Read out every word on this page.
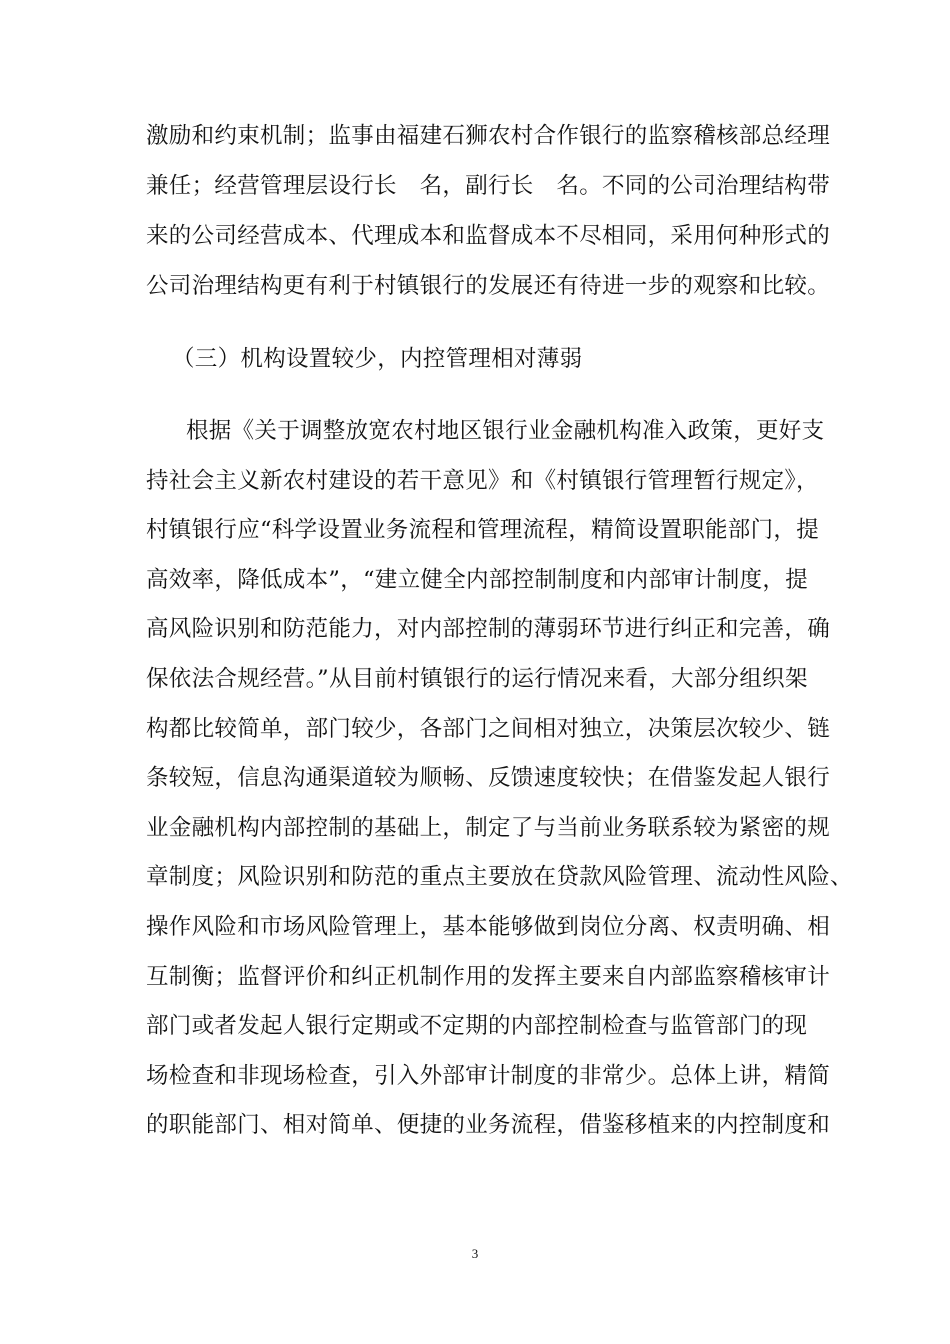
激励和约束机制；监事由福建石狮农村合作银行的监察稽核部总经理
兼任；经营管理层设行长　名，副行长　名。不同的公司治理结构带
来的公司经营成本、代理成本和监督成本不尽相同，采用何种形式的
公司治理结构更有利于村镇银行的发展还有待进一步的观察和比较。
（三）机构设置较少，内控管理相对薄弱
根据《关于调整放宽农村地区银行业金融机构准入政策，更好支
持社会主义新农村建设的若干意见》和《村镇银行管理暂行规定》，
村镇银行应“科学设置业务流程和管理流程，精简设置职能部门，提
高效率，降低成本”，“建立健全内部控制制度和内部审计制度，提
高风险识别和防范能力，对内部控制的薄弱环节进行纠正和完善，确
保依法合规经营。”从目前村镇银行的运行情况来看，大部分组织架
构都比较简单，部门较少，各部门之间相对独立，决策层次较少、链
条较短，信息沟通渠道较为顺畅、反馈速度较快；在借鉴发起人银行
业金融机构内部控制的基础上，制定了与当前业务联系较为紧密的规
章制度；风险识别和防范的重点主要放在贷款风险管理、流动性风险、
操作风险和市场风险管理上，基本能够做到岗位分离、权责明确、相
互制衡；监督评价和纠正机制作用的发挥主要来自内部监察稽核审计
部门或者发起人银行定期或不定期的内部控制检查与监管部门的现
场检查和非现场检查，引入外部审计制度的非常少。总体上讲，精简
的职能部门、相对简单、便捷的业务流程，借鉴移植来的内控制度和
3
